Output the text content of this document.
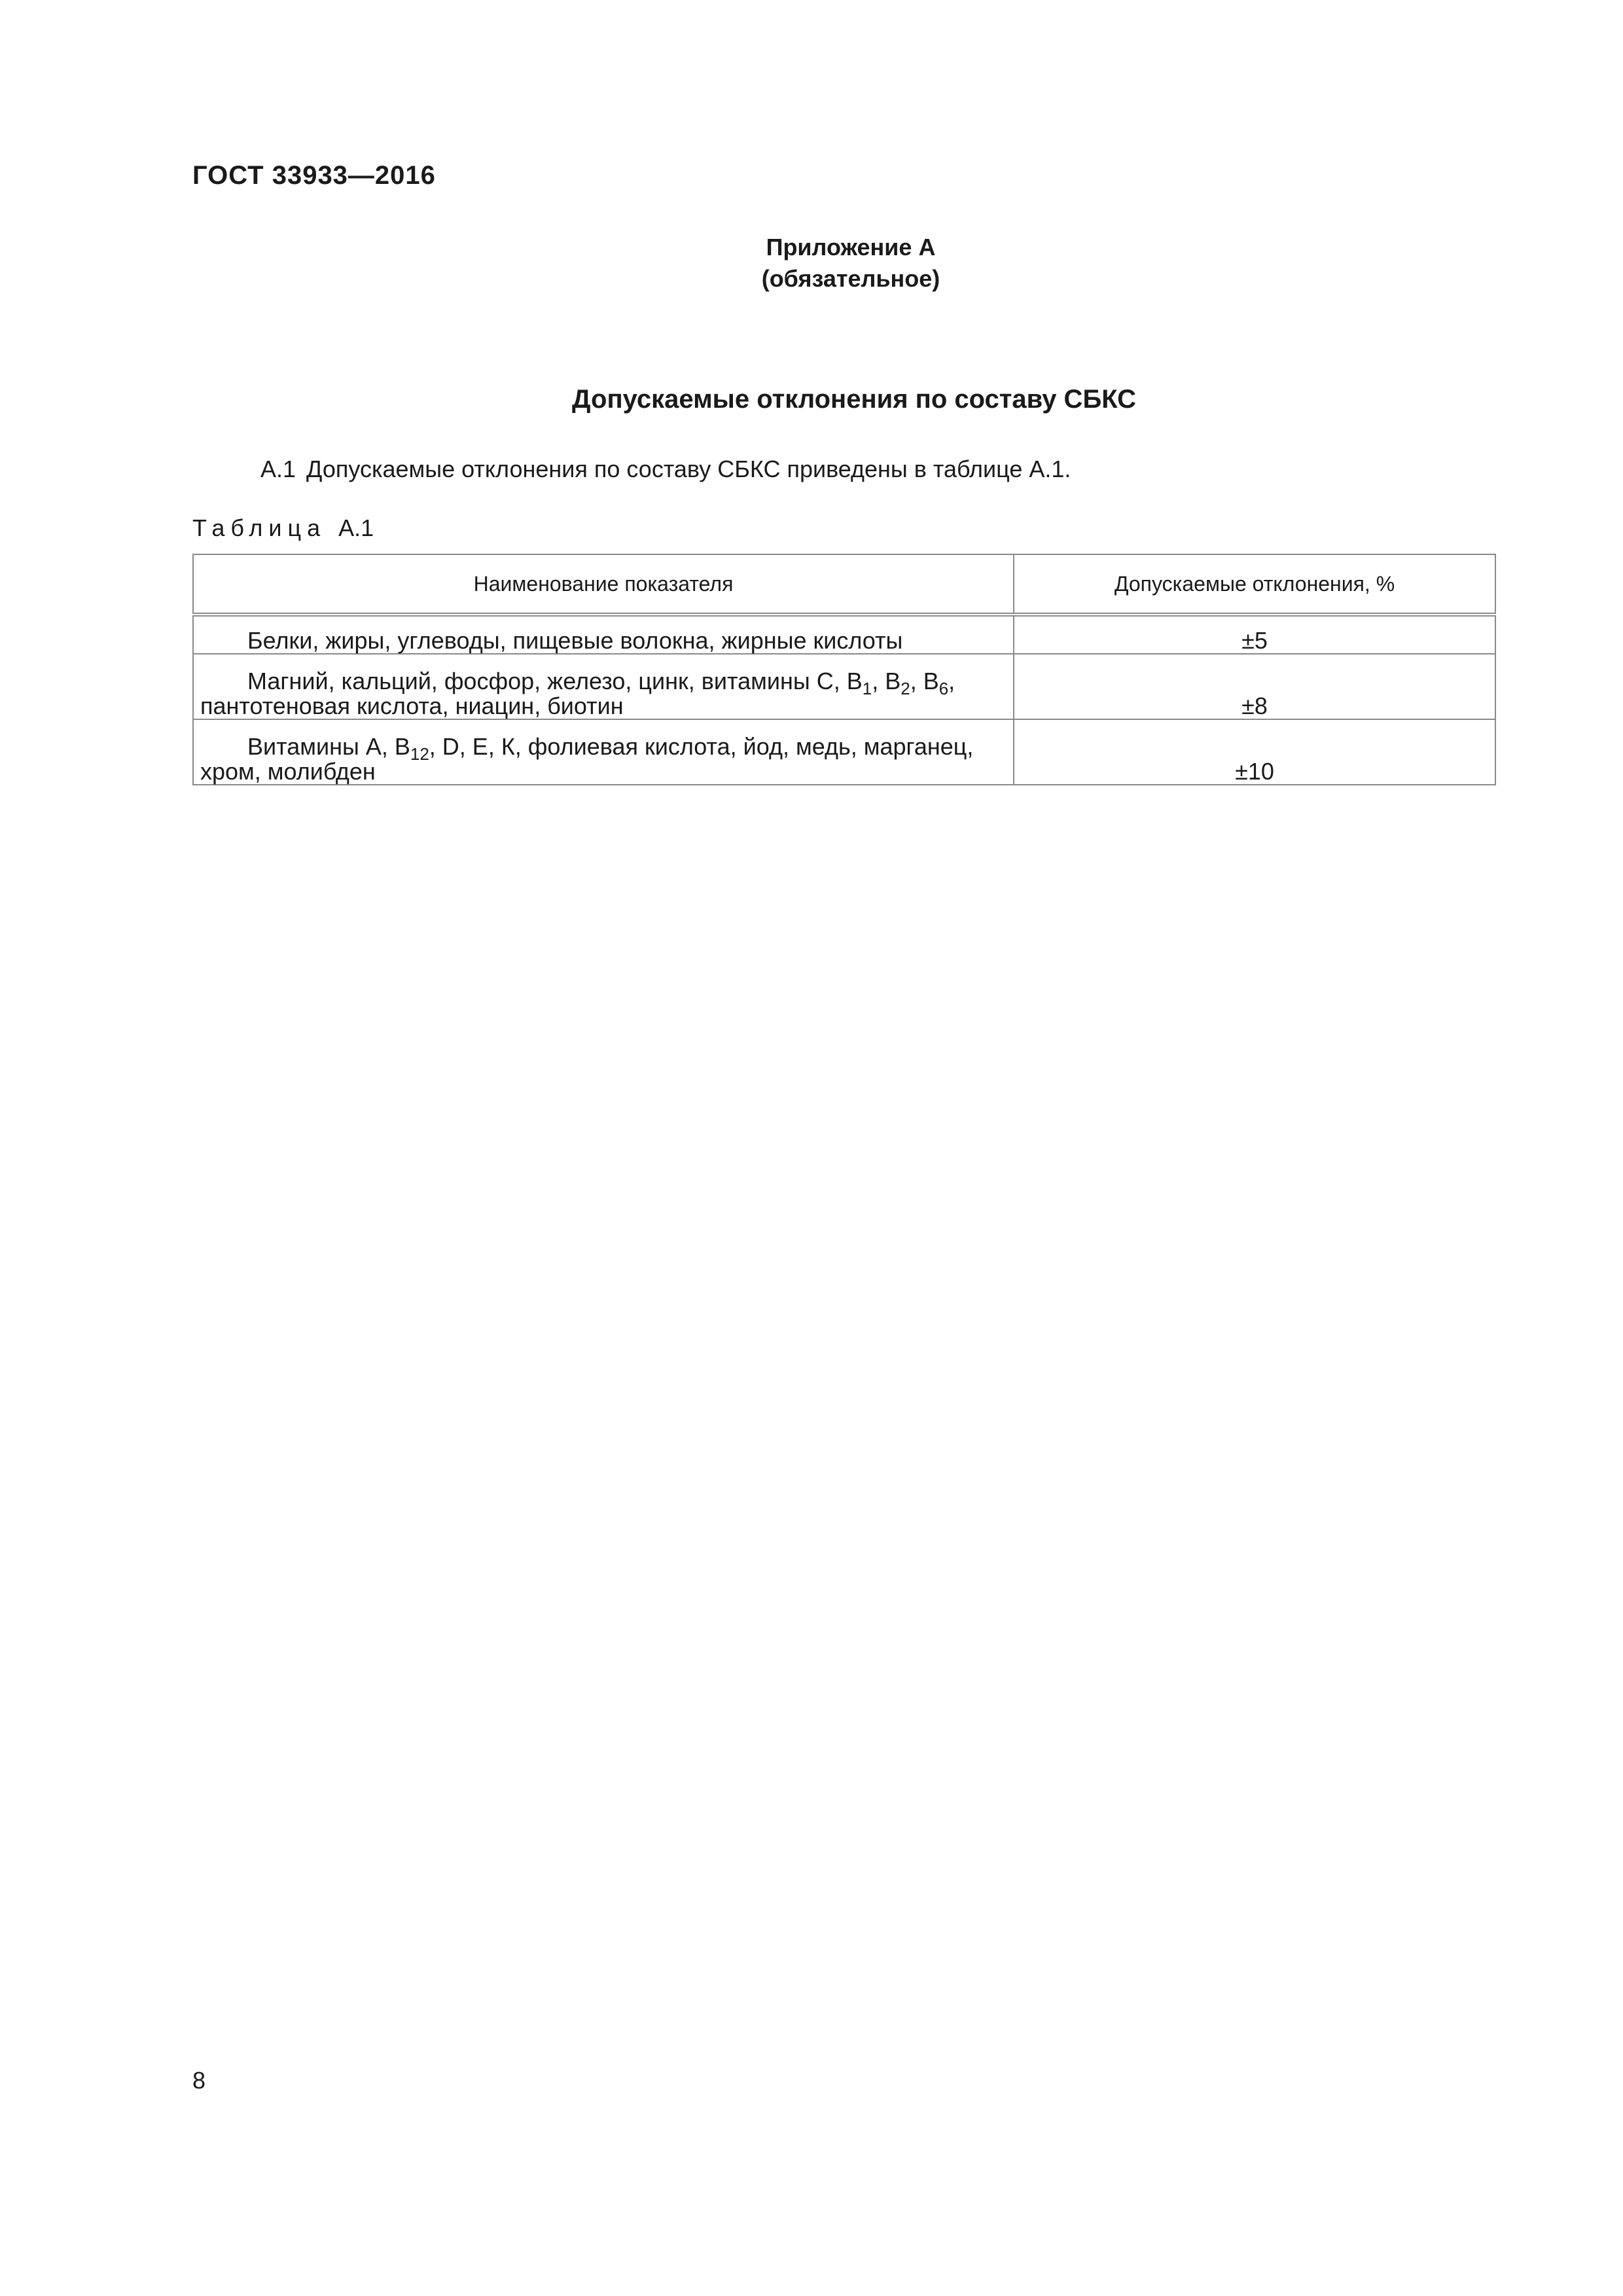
ГОСТ 33933—2016
Приложение А
(обязательное)
Допускаемые отклонения по составу СБКС
А.1 Допускаемые отклонения по составу СБКС приведены в таблице А.1.
Таблица А.1
Наименование показателя	Допускаемые отклонения, %
Белки, жиры, углеводы, пищевые волокна, жирные кислоты	±5
Магний, кальций, фосфор, железо, цинк, витамины С, $В_1$, $В_2$, $В_6$,
пантотеновая кислота, ниацин, биотин	±8
Витамины А, $В_{12}$, D, Е, К, фолиевая кислота, йод, медь, марганец,
хром, молибден	±10
8
